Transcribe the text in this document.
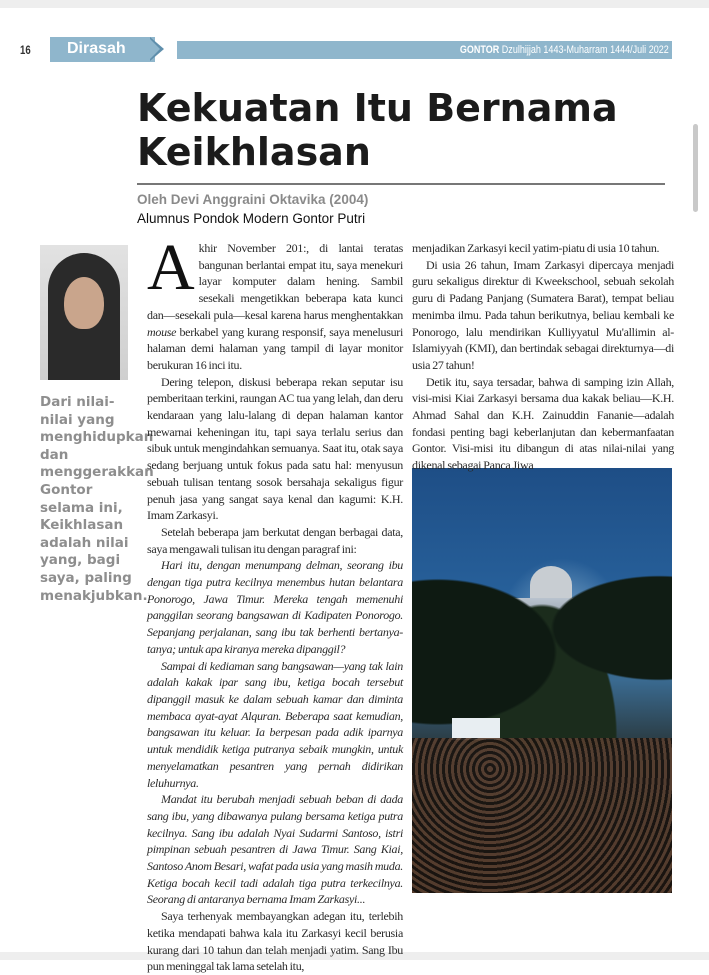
16 Dirasah	GONTOR Dzulhijjah 1443-Muharram 1444/Juli 2022
Kekuatan Itu Bernama Keikhlasan
Oleh Devi Anggraini Oktavika (2004)
Alumnus Pondok Modern Gontor Putri

Dari nilai-nilai yang menghidupkan dan menggerakkan Gontor selama ini, Keikhlasan adalah nilai yang, bagi saya, paling menakjubkan.

Akhir November 201:, di lantai teratas bangunan berlantai empat itu, saya menekuri layar komputer dalam hening. Sambil sesekali mengetikkan beberapa kata kunci dan—sesekali pula—kesal karena harus menghentakkan mouse berkabel yang kurang responsif, saya menelusuri halaman demi halaman yang tampil di layar monitor berukuran 16 inci itu.

Dering telepon, diskusi beberapa rekan seputar isu pemberitaan terkini, raungan AC tua yang lelah, dan deru kendaraan yang lalu-lalang di depan halaman kantor mewarnai keheningan itu, tapi saya terlalu serius dan sibuk untuk mengindahkan semuanya. Saat itu, otak saya sedang berjuang untuk fokus pada satu hal: menyusun sebuah tulisan tentang sosok bersahaja sekaligus figur penuh jasa yang sangat saya kenal dan kagumi: K.H. Imam Zarkasyi.

Setelah beberapa jam berkutat dengan berbagai data, saya mengawali tulisan itu dengan paragraf ini:

Hari itu, dengan menumpang delman, seorang ibu dengan tiga putra kecilnya menembus hutan belantara Ponorogo, Jawa Timur. Mereka tengah memenuhi panggilan seorang bangsawan di Kadipaten Ponorogo. Sepanjang perjalanan, sang ibu tak berhenti bertanya-tanya; untuk apa kiranya mereka dipanggil?

Sampai di kediaman sang bangsawan—yang tak lain adalah kakak ipar sang ibu, ketiga bocah tersebut dipanggil masuk ke dalam sebuah kamar dan diminta membaca ayat-ayat Alquran. Beberapa saat kemudian, bangsawan itu keluar. Ia berpesan pada adik iparnya untuk mendidik ketiga putranya sebaik mungkin, untuk menyelamatkan pesantren yang pernah didirikan leluhurnya.

Mandat itu berubah menjadi sebuah beban di dada sang ibu, yang dibawanya pulang bersama ketiga putra kecilnya. Sang ibu adalah Nyai Sudarmi Santoso, istri pimpinan sebuah pesantren di Jawa Timur. Sang Kiai, Santoso Anom Besari, wafat pada usia yang masih muda. Ketiga bocah kecil tadi adalah tiga putra terkecilnya. Seorang di antaranya bernama Imam Zarkasyi...

Saya terhenyak membayangkan adegan itu, terlebih ketika mendapati bahwa kala itu Zarkasyi kecil berusia kurang dari 10 tahun dan telah menjadi yatim. Sang Ibu pun meninggal tak lama setelah itu,

menjadikan Zarkasyi kecil yatim-piatu di usia 10 tahun.

Di usia 26 tahun, Imam Zarkasyi dipercaya menjadi guru sekaligus direktur di Kweekschool, sebuah sekolah guru di Padang Panjang (Sumatera Barat), tempat beliau menimba ilmu. Pada tahun berikutnya, beliau kembali ke Ponorogo, lalu mendirikan Kulliyyatul Mu'allimin al-Islamiyyah (KMI), dan bertindak sebagai direkturnya—di usia 27 tahun!

Detik itu, saya tersadar, bahwa di samping izin Allah, visi-misi Kiai Zarkasyi bersama dua kakak beliau—K.H. Ahmad Sahal dan K.H. Zainuddin Fananie—adalah fondasi penting bagi keberlanjutan dan kebermanfaatan Gontor. Visi-misi itu dibangun di atas nilai-nilai yang dikenal sebagai Panca Jiwa
